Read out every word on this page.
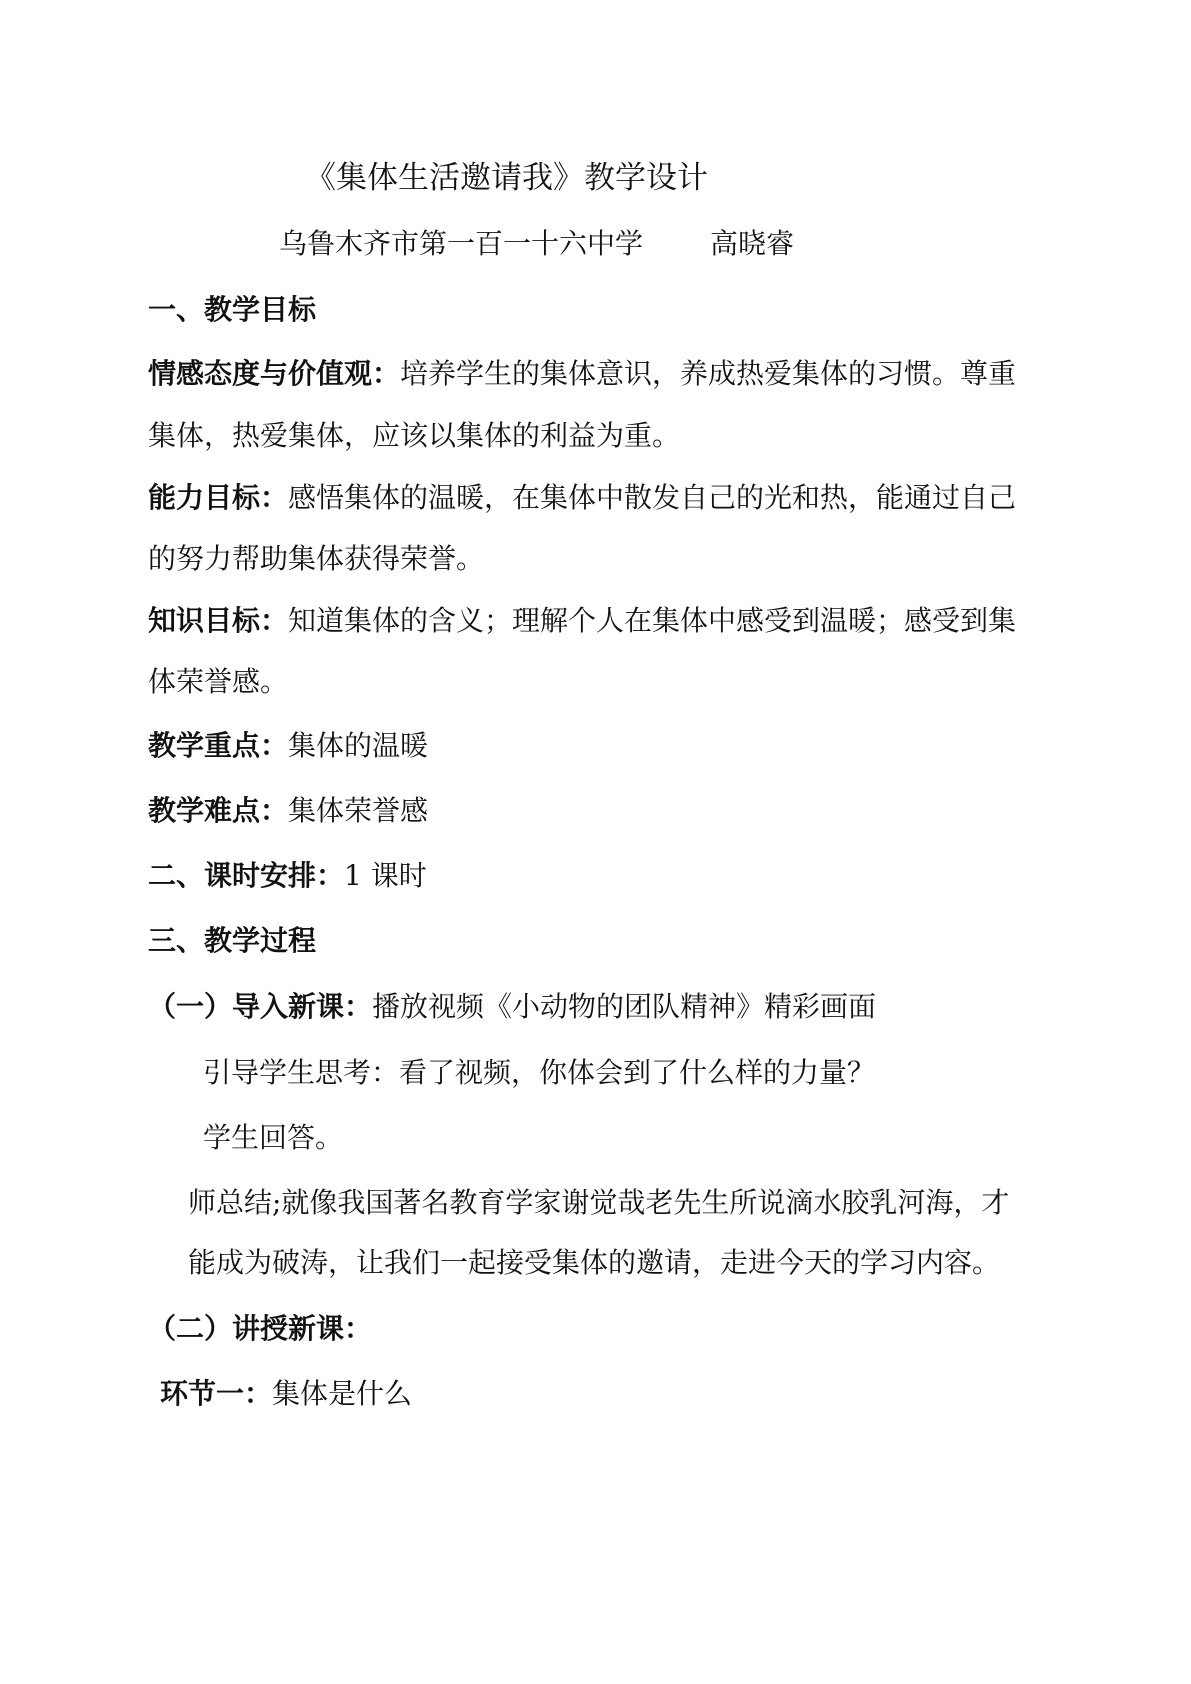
《集体生活邀请我》教学设计
乌鲁木齐市第一百一十六中学 高晓睿
一、教学目标
情感态度与价值观：培养学生的集体意识，养成热爱集体的习惯。尊重
集体，热爱集体，应该以集体的利益为重。
能力目标：感悟集体的温暖，在集体中散发自己的光和热，能通过自己
的努力帮助集体获得荣誉。
知识目标：知道集体的含义；理解个人在集体中感受到温暖；感受到集
体荣誉感。
教学重点：集体的温暖
教学难点：集体荣誉感
二、课时安排：1 课时
三、教学过程
（一）导入新课：播放视频《小动物的团队精神》精彩画面
引导学生思考：看了视频，你体会到了什么样的力量？
学生回答。
师总结;就像我国著名教育学家谢觉哉老先生所说滴水胶乳河海，才
能成为破涛，让我们一起接受集体的邀请，走进今天的学习内容。
（二）讲授新课：
环节一：集体是什么
